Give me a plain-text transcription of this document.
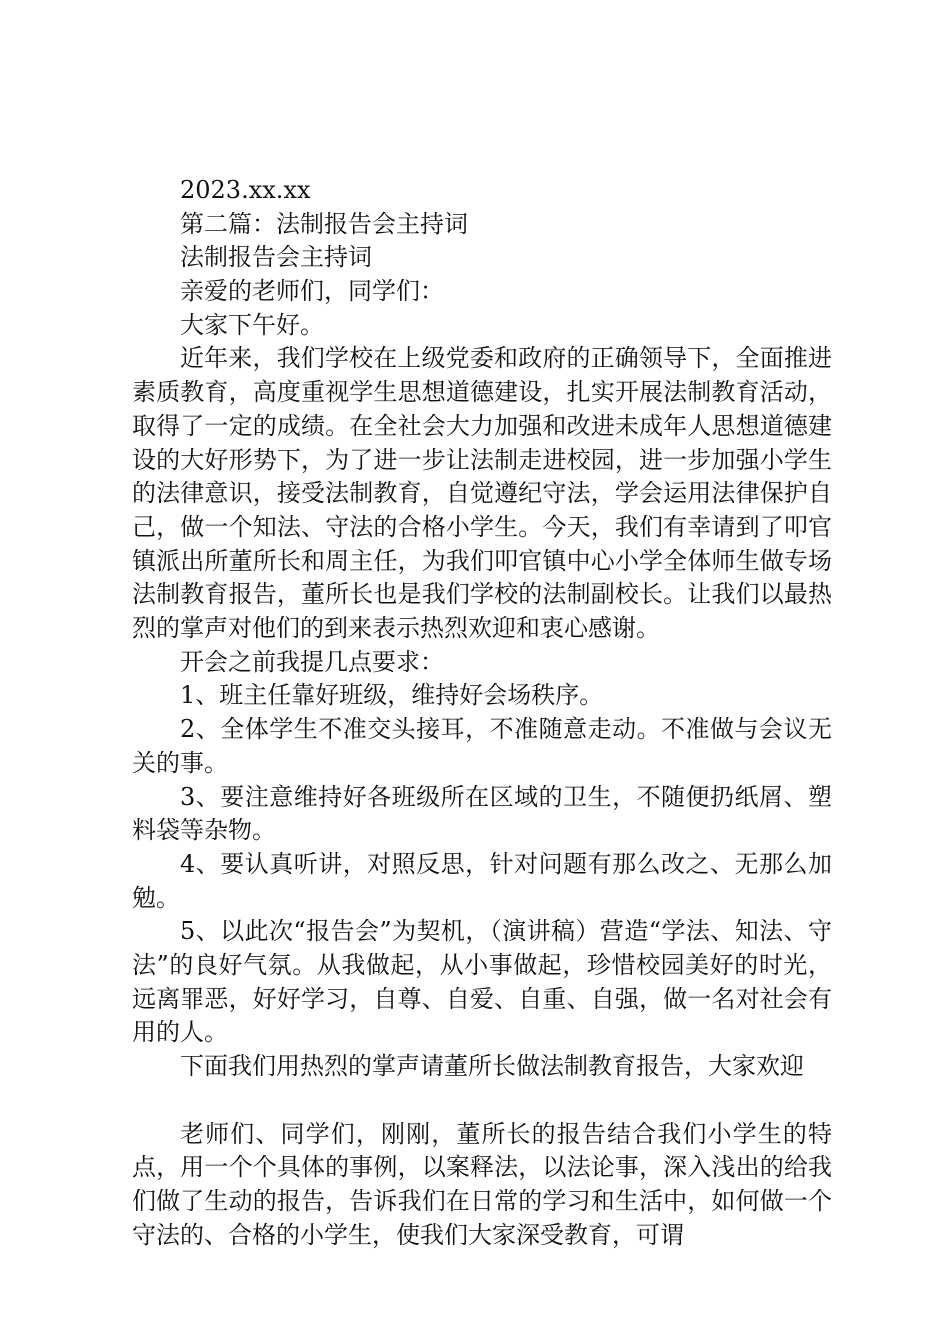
2023.xx.xx

第二篇：法制报告会主持词

法制报告会主持词

亲爱的老师们，同学们：

大家下午好。

近年来，我们学校在上级党委和政府的正确领导下，全面推进素质教育，高度重视学生思想道德建设，扎实开展法制教育活动，取得了一定的成绩。在全社会大力加强和改进未成年人思想道德建设的大好形势下，为了进一步让法制走进校园，进一步加强小学生的法律意识，接受法制教育，自觉遵纪守法，学会运用法律保护自己，做一个知法、守法的合格小学生。今天，我们有幸请到了叩官镇派出所董所长和周主任，为我们叩官镇中心小学全体师生做专场法制教育报告，董所长也是我们学校的法制副校长。让我们以最热烈的掌声对他们的到来表示热烈欢迎和衷心感谢。

开会之前我提几点要求：

1、班主任靠好班级，维持好会场秩序。

2、全体学生不准交头接耳，不准随意走动。不准做与会议无关的事。

3、要注意维持好各班级所在区域的卫生，不随便扔纸屑、塑料袋等杂物。

4、要认真听讲，对照反思，针对问题有那么改之、无那么加勉。

5、以此次“报告会”为契机，（演讲稿）营造“学法、知法、守法”的良好气氛。从我做起，从小事做起，珍惜校园美好的时光，远离罪恶，好好学习，自尊、自爱、自重、自强，做一名对社会有用的人。

下面我们用热烈的掌声请董所长做法制教育报告，大家欢迎

老师们、同学们，刚刚，董所长的报告结合我们小学生的特点，用一个个具体的事例，以案释法，以法论事，深入浅出的给我们做了生动的报告，告诉我们在日常的学习和生活中，如何做一个守法的、合格的小学生，使我们大家深受教育，可谓
